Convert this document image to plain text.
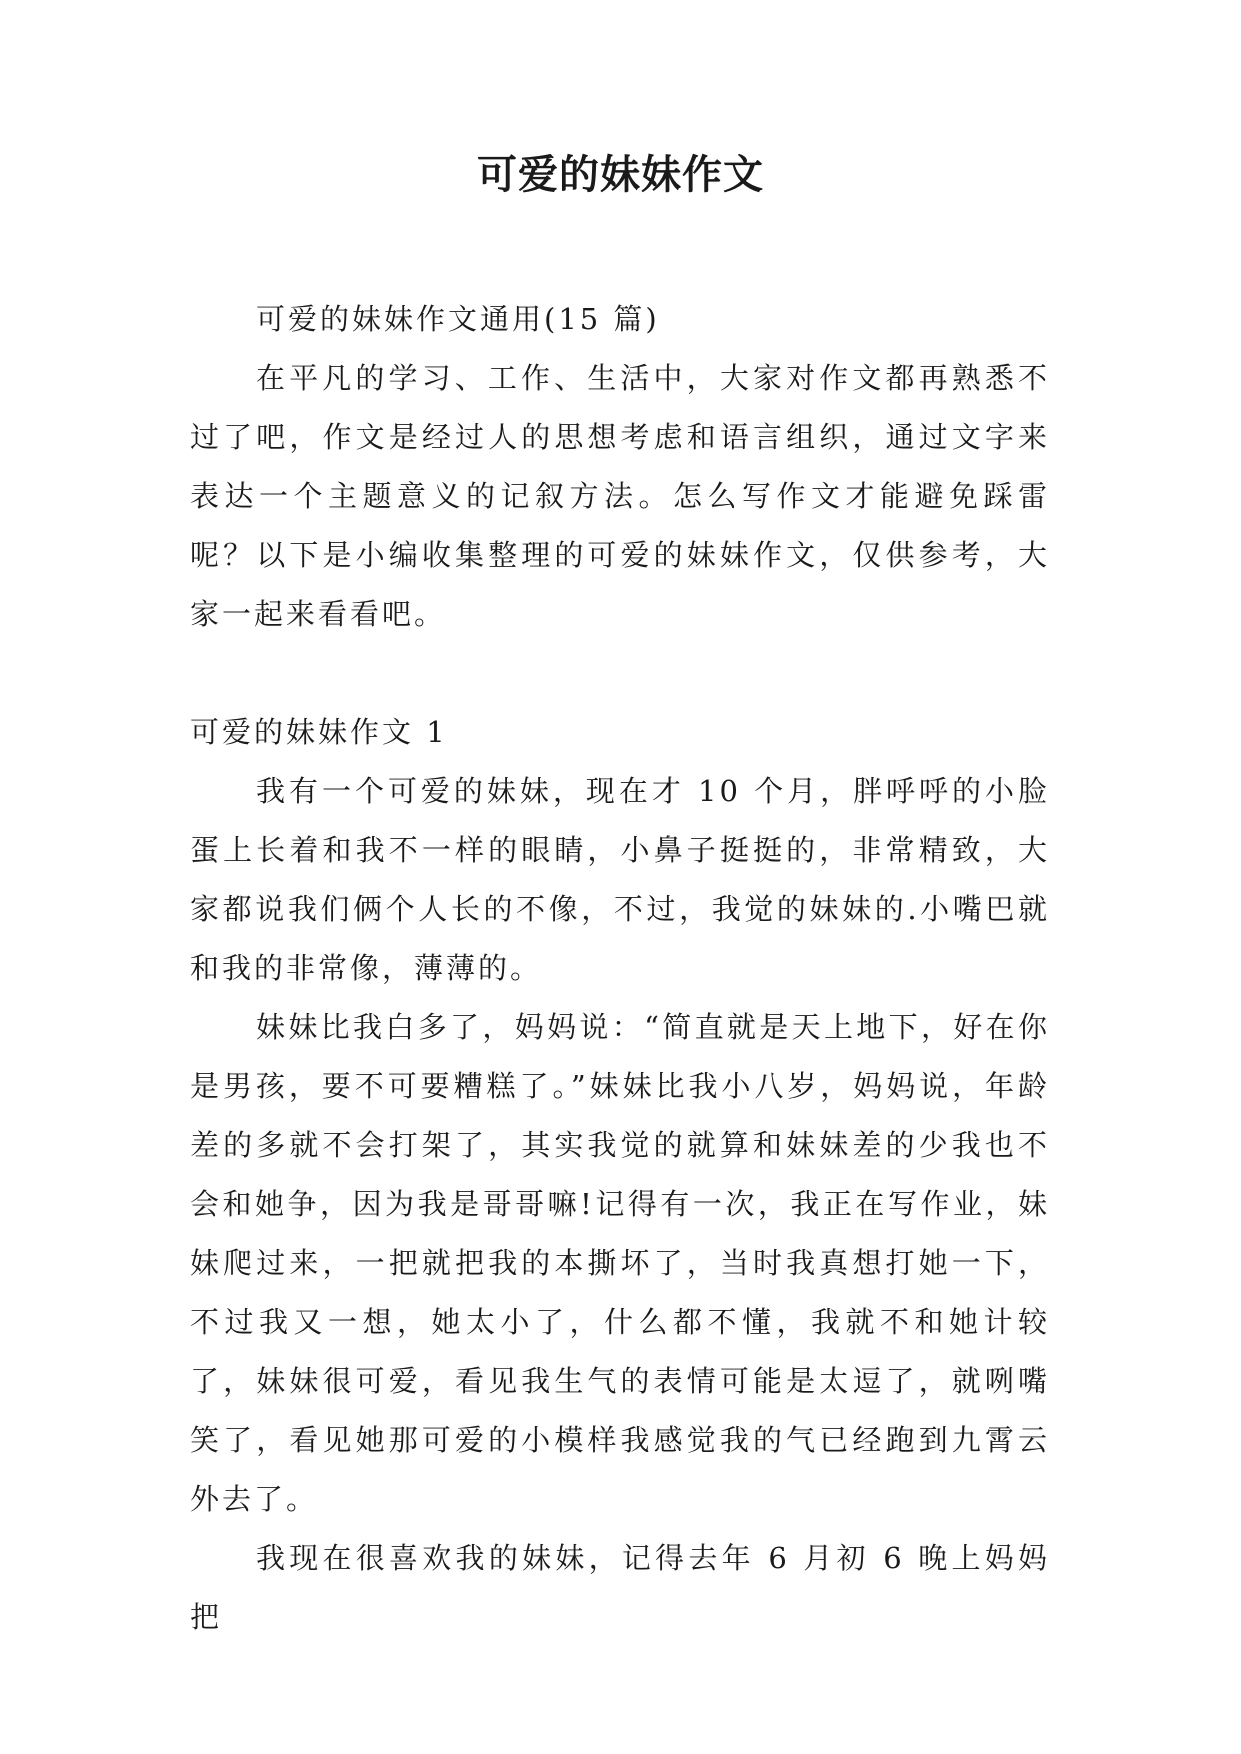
可爱的妹妹作文

可爱的妹妹作文通用(15 篇)

在平凡的学习、工作、生活中，大家对作文都再熟悉不过了吧，作文是经过人的思想考虑和语言组织，通过文字来表达一个主题意义的记叙方法。怎么写作文才能避免踩雷呢？以下是小编收集整理的可爱的妹妹作文，仅供参考，大家一起来看看吧。

可爱的妹妹作文 1

我有一个可爱的妹妹，现在才 10 个月，胖呼呼的小脸蛋上长着和我不一样的眼睛，小鼻子挺挺的，非常精致，大家都说我们俩个人长的不像，不过，我觉的妹妹的.小嘴巴就和我的非常像，薄薄的。

妹妹比我白多了，妈妈说：“简直就是天上地下，好在你是男孩，要不可要糟糕了。”妹妹比我小八岁，妈妈说，年龄差的多就不会打架了，其实我觉的就算和妹妹差的少我也不会和她争，因为我是哥哥嘛!记得有一次，我正在写作业，妹妹爬过来，一把就把我的本撕坏了，当时我真想打她一下，不过我又一想，她太小了，什么都不懂，我就不和她计较了，妹妹很可爱，看见我生气的表情可能是太逗了，就咧嘴笑了，看见她那可爱的小模样我感觉我的气已经跑到九霄云外去了。

我现在很喜欢我的妹妹，记得去年 6 月初 6 晚上妈妈把
